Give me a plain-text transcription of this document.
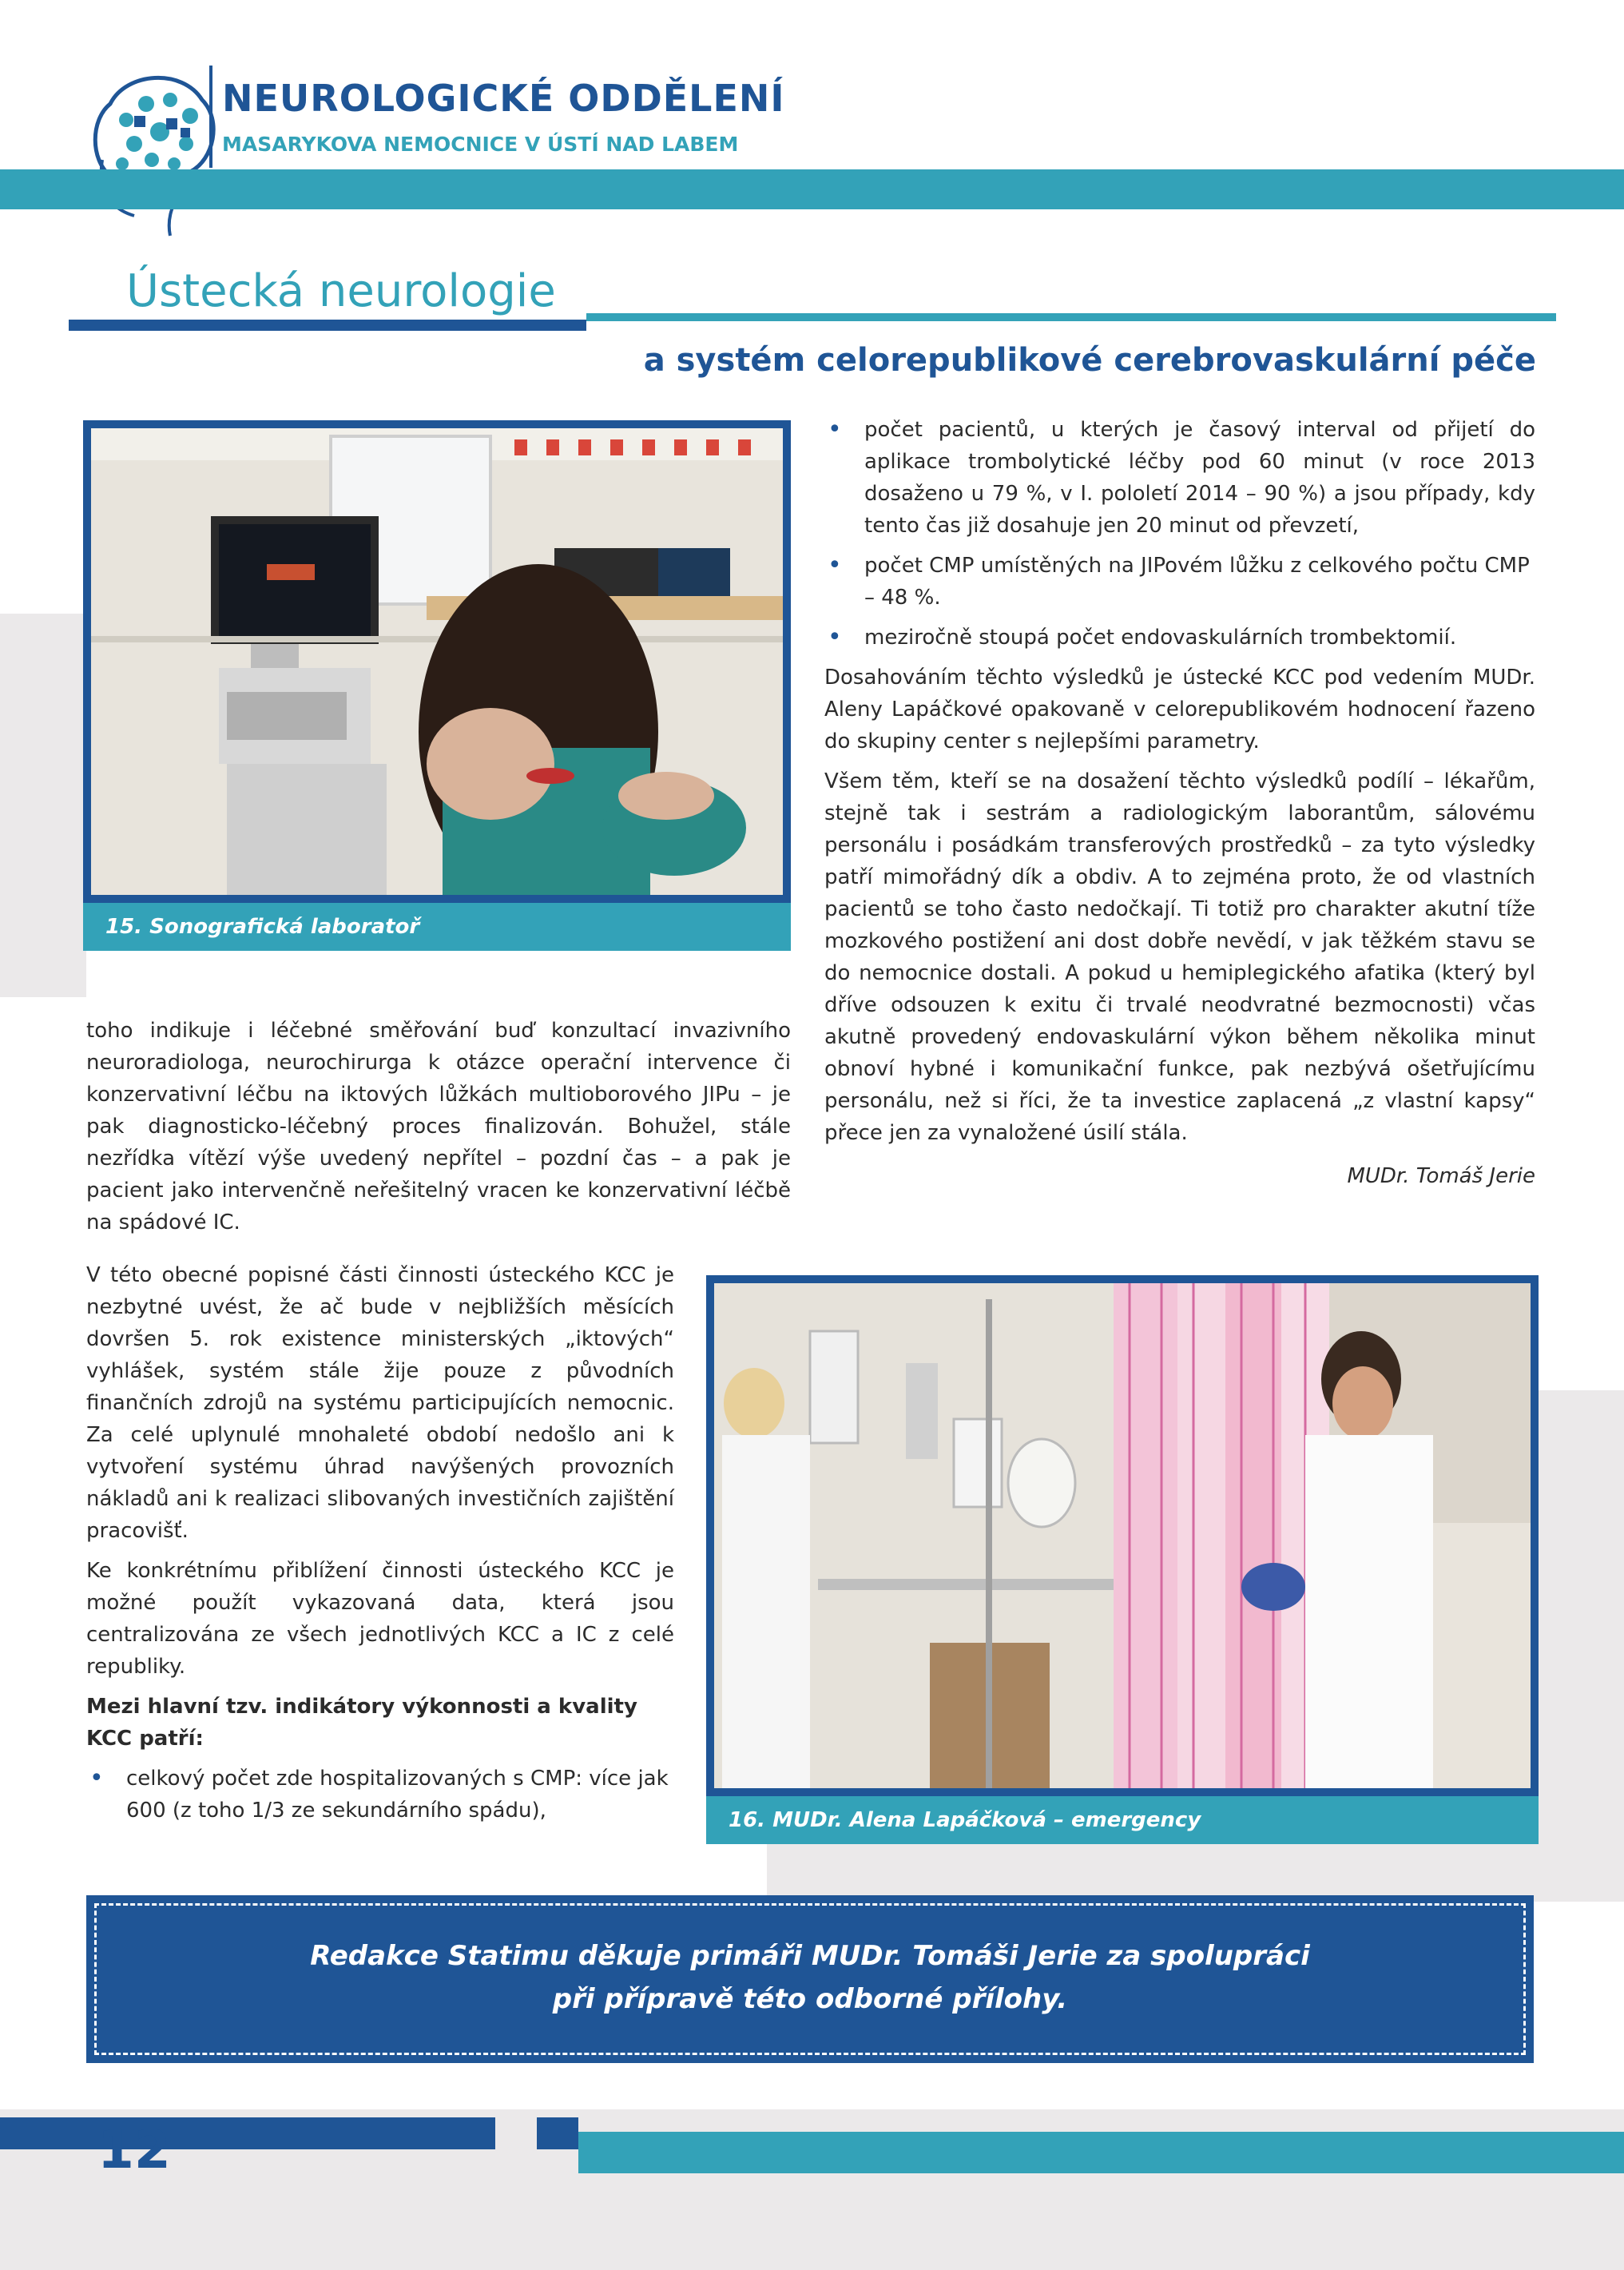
NEUROLOGICKÉ ODDĚLENÍ
MASARYKOVA NEMOCNICE V ÚSTÍ NAD LABEM
Ústecká neurologie
a systém celorepublikové cerebrovaskulární péče
15. Sonografická laboratoř

toho indikuje i léčebné směřování buď konzultací invazivního neuroradiologa, neurochirurga k otázce operační intervence či konzervativní léčbu na iktových lůžkách multioborového JIPu – je pak diagnosticko-léčebný proces finalizován. Bohužel, stále nezřídka vítězí výše uvedený nepřítel – pozdní čas – a pak je pacient jako intervenčně neřešitelný vracen ke konzervativní léčbě na spádové IC.

V této obecné popisné části činnosti ústeckého KCC je nezbytné uvést, že ač bude v nejbližších měsících dovršen 5. rok existence ministerských „iktových“ vyhlášek, systém stále žije pouze z původních finančních zdrojů na systému participujících nemocnic. Za celé uplynulé mnohaleté období nedošlo ani k vytvoření systému úhrad navýšených provozních nákladů ani k realizaci slibovaných investičních zajištění pracovišť.

Ke konkrétnímu přiblížení činnosti ústeckého KCC je možné použít vykazovaná data, která jsou centralizována ze všech jednotlivých KCC a IC z celé republiky.

Mezi hlavní tzv. indikátory výkonnosti a kvality KCC patří:

• celkový počet zde hospitalizovaných s CMP: více jak 600 (z toho 1/3 ze sekundárního spádu),
• počet pacientů, u kterých je časový interval od přijetí do aplikace trombolytické léčby pod 60 minut (v roce 2013 dosaženo u 79 %, v I. pololetí 2014 – 90 %) a jsou případy, kdy tento čas již dosahuje jen 20 minut od převzetí,
• počet CMP umístěných na JIPovém lůžku z celkového počtu CMP – 48 %.
• meziročně stoupá počet endovaskulárních trombektomií.

Dosahováním těchto výsledků je ústecké KCC pod vedením MUDr. Aleny Lapáčkové opakovaně v celorepublikovém hodnocení řazeno do skupiny center s nejlepšími parametry.

Všem těm, kteří se na dosažení těchto výsledků podílí – lékařům, stejně tak i sestrám a radiologickým laborantům, sálovému personálu i posádkám transferových prostředků – za tyto výsledky patří mimořádný dík a obdiv. A to zejména proto, že od vlastních pacientů se toho často nedočkají. Ti totiž pro charakter akutní tíže mozkového postižení ani dost dobře nevědí, v jak těžkém stavu se do nemocnice dostali. A pokud u hemiplegického afatika (který byl dříve odsouzen k exitu či trvalé neodvratné bezmocnosti) včas akutně provedený endovaskulární výkon během několika minut obnoví hybné i komunikační funkce, pak nezbývá ošetřujícímu personálu, než si říci, že ta investice zaplacená „z vlastní kapsy“ přece jen za vynaložené úsilí stála.

MUDr. Tomáš Jerie

16. MUDr. Alena Lapáčková – emergency
Redakce Statimu děkuje primáři MUDr. Tomáši Jerie za spolupráci
při přípravě této odborné přílohy.
12
